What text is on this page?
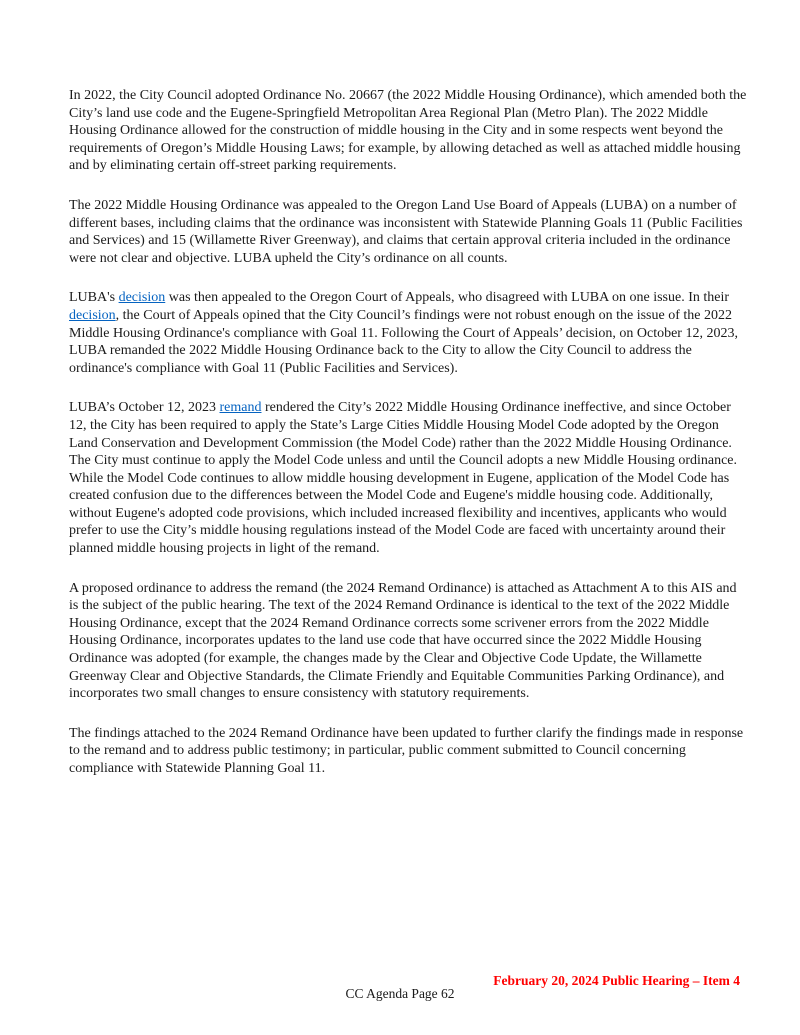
In 2022, the City Council adopted Ordinance No. 20667 (the 2022 Middle Housing Ordinance), which amended both the City’s land use code and the Eugene-Springfield Metropolitan Area Regional Plan (Metro Plan). The 2022 Middle Housing Ordinance allowed for the construction of middle housing in the City and in some respects went beyond the requirements of Oregon’s Middle Housing Laws; for example, by allowing detached as well as attached middle housing and by eliminating certain off-street parking requirements.

The 2022 Middle Housing Ordinance was appealed to the Oregon Land Use Board of Appeals (LUBA) on a number of different bases, including claims that the ordinance was inconsistent with Statewide Planning Goals 11 (Public Facilities and Services) and 15 (Willamette River Greenway), and claims that certain approval criteria included in the ordinance were not clear and objective. LUBA upheld the City’s ordinance on all counts.

LUBA's decision was then appealed to the Oregon Court of Appeals, who disagreed with LUBA on one issue. In their decision, the Court of Appeals opined that the City Council’s findings were not robust enough on the issue of the 2022 Middle Housing Ordinance's compliance with Goal 11. Following the Court of Appeals’ decision, on October 12, 2023, LUBA remanded the 2022 Middle Housing Ordinance back to the City to allow the City Council to address the ordinance's compliance with Goal 11 (Public Facilities and Services).

LUBA’s October 12, 2023 remand rendered the City’s 2022 Middle Housing Ordinance ineffective, and since October 12, the City has been required to apply the State’s Large Cities Middle Housing Model Code adopted by the Oregon Land Conservation and Development Commission (the Model Code) rather than the 2022 Middle Housing Ordinance. The City must continue to apply the Model Code unless and until the Council adopts a new Middle Housing ordinance. While the Model Code continues to allow middle housing development in Eugene, application of the Model Code has created confusion due to the differences between the Model Code and Eugene's middle housing code. Additionally, without Eugene's adopted code provisions, which included increased flexibility and incentives, applicants who would prefer to use the City’s middle housing regulations instead of the Model Code are faced with uncertainty around their planned middle housing projects in light of the remand.

A proposed ordinance to address the remand (the 2024 Remand Ordinance) is attached as Attachment A to this AIS and is the subject of the public hearing. The text of the 2024 Remand Ordinance is identical to the text of the 2022 Middle Housing Ordinance, except that the 2024 Remand Ordinance corrects some scrivener errors from the 2022 Middle Housing Ordinance, incorporates updates to the land use code that have occurred since the 2022 Middle Housing Ordinance was adopted (for example, the changes made by the Clear and Objective Code Update, the Willamette Greenway Clear and Objective Standards, the Climate Friendly and Equitable Communities Parking Ordinance), and incorporates two small changes to ensure consistency with statutory requirements.

The findings attached to the 2024 Remand Ordinance have been updated to further clarify the findings made in response to the remand and to address public testimony; in particular, public comment submitted to Council concerning compliance with Statewide Planning Goal 11.

February 20, 2024 Public Hearing – Item 4
CC Agenda Page 62
